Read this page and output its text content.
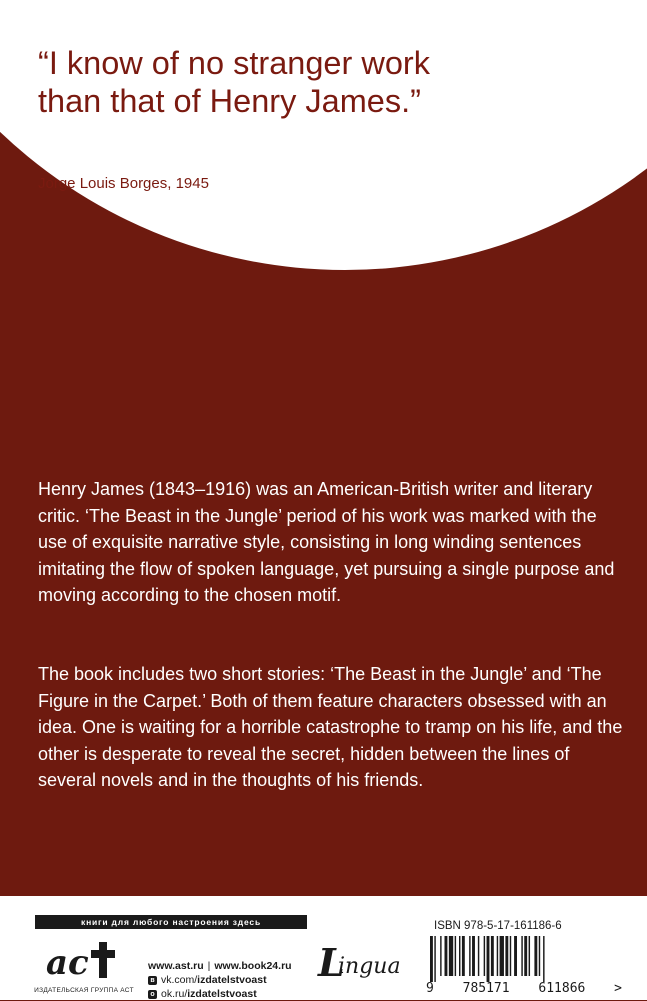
“I know of no stranger work than that of Henry James.”

Jorge Louis Borges, 1945

Henry James (1843–1916) was an American-British writer and literary critic. ‘The Beast in the Jungle’ period of his work was marked with the use of exquisite narrative style, consisting in long winding sentences imitating the flow of spoken language, yet pursuing a single purpose and moving according to the chosen motif.

The book includes two short stories: ‘The Beast in the Jungle’ and ‘The Figure in the Carpet.’ Both of them feature characters obsessed with an idea. One is waiting for a horrible catastrophe to tramp on his life, and the other is desperate to reveal the secret, hidden between the lines of several novels and in the thoughts of his friends.

книги для любого настроения здесь
ас
ИЗДАТЕЛЬСКАЯ ГРУППА АСТ
www.ast.ru | www.book24.ru
в vk.com/izdatelstvoast
о ok.ru/izdatelstvoast
L
ingua
ISBN 978-5-17-161186-6
9 785171 611866 >
